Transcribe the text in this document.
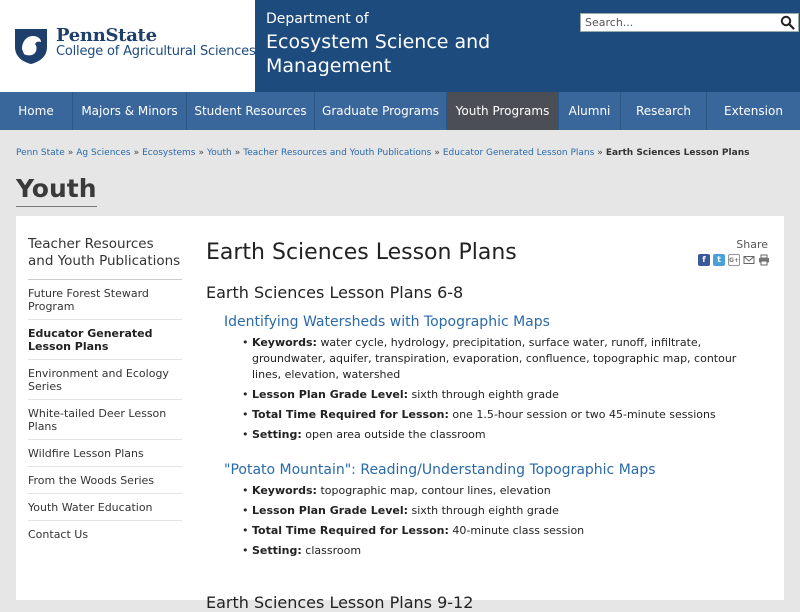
PennState
College of Agricultural Sciences
Department of
Ecosystem Science and Management
Search...
Home	Majors & Minors	Student Resources	Graduate Programs	Youth Programs	Alumni	Research	Extension
Penn State » Ag Sciences » Ecosystems » Youth » Teacher Resources and Youth Publications » Educator Generated Lesson Plans » Earth Sciences Lesson Plans
Youth
Teacher Resources and Youth Publications
Future Forest Steward Program
Educator Generated Lesson Plans
Environment and Ecology Series
White-tailed Deer Lesson Plans
Wildfire Lesson Plans
From the Woods Series
Youth Water Education
Contact Us
Earth Sciences Lesson Plans	Share
f	t	G+
Earth Sciences Lesson Plans 6-8
Identifying Watersheds with Topographic Maps
• Keywords: water cycle, hydrology, precipitation, surface water, runoff, infiltrate, groundwater, aquifer, transpiration, evaporation, confluence, topographic map, contour lines, elevation, watershed
• Lesson Plan Grade Level: sixth through eighth grade
• Total Time Required for Lesson: one 1.5-hour session or two 45-minute sessions
• Setting: open area outside the classroom
"Potato Mountain": Reading/Understanding Topographic Maps
• Keywords: topographic map, contour lines, elevation
• Lesson Plan Grade Level: sixth through eighth grade
• Total Time Required for Lesson: 40-minute class session
• Setting: classroom
Earth Sciences Lesson Plans 9-12
